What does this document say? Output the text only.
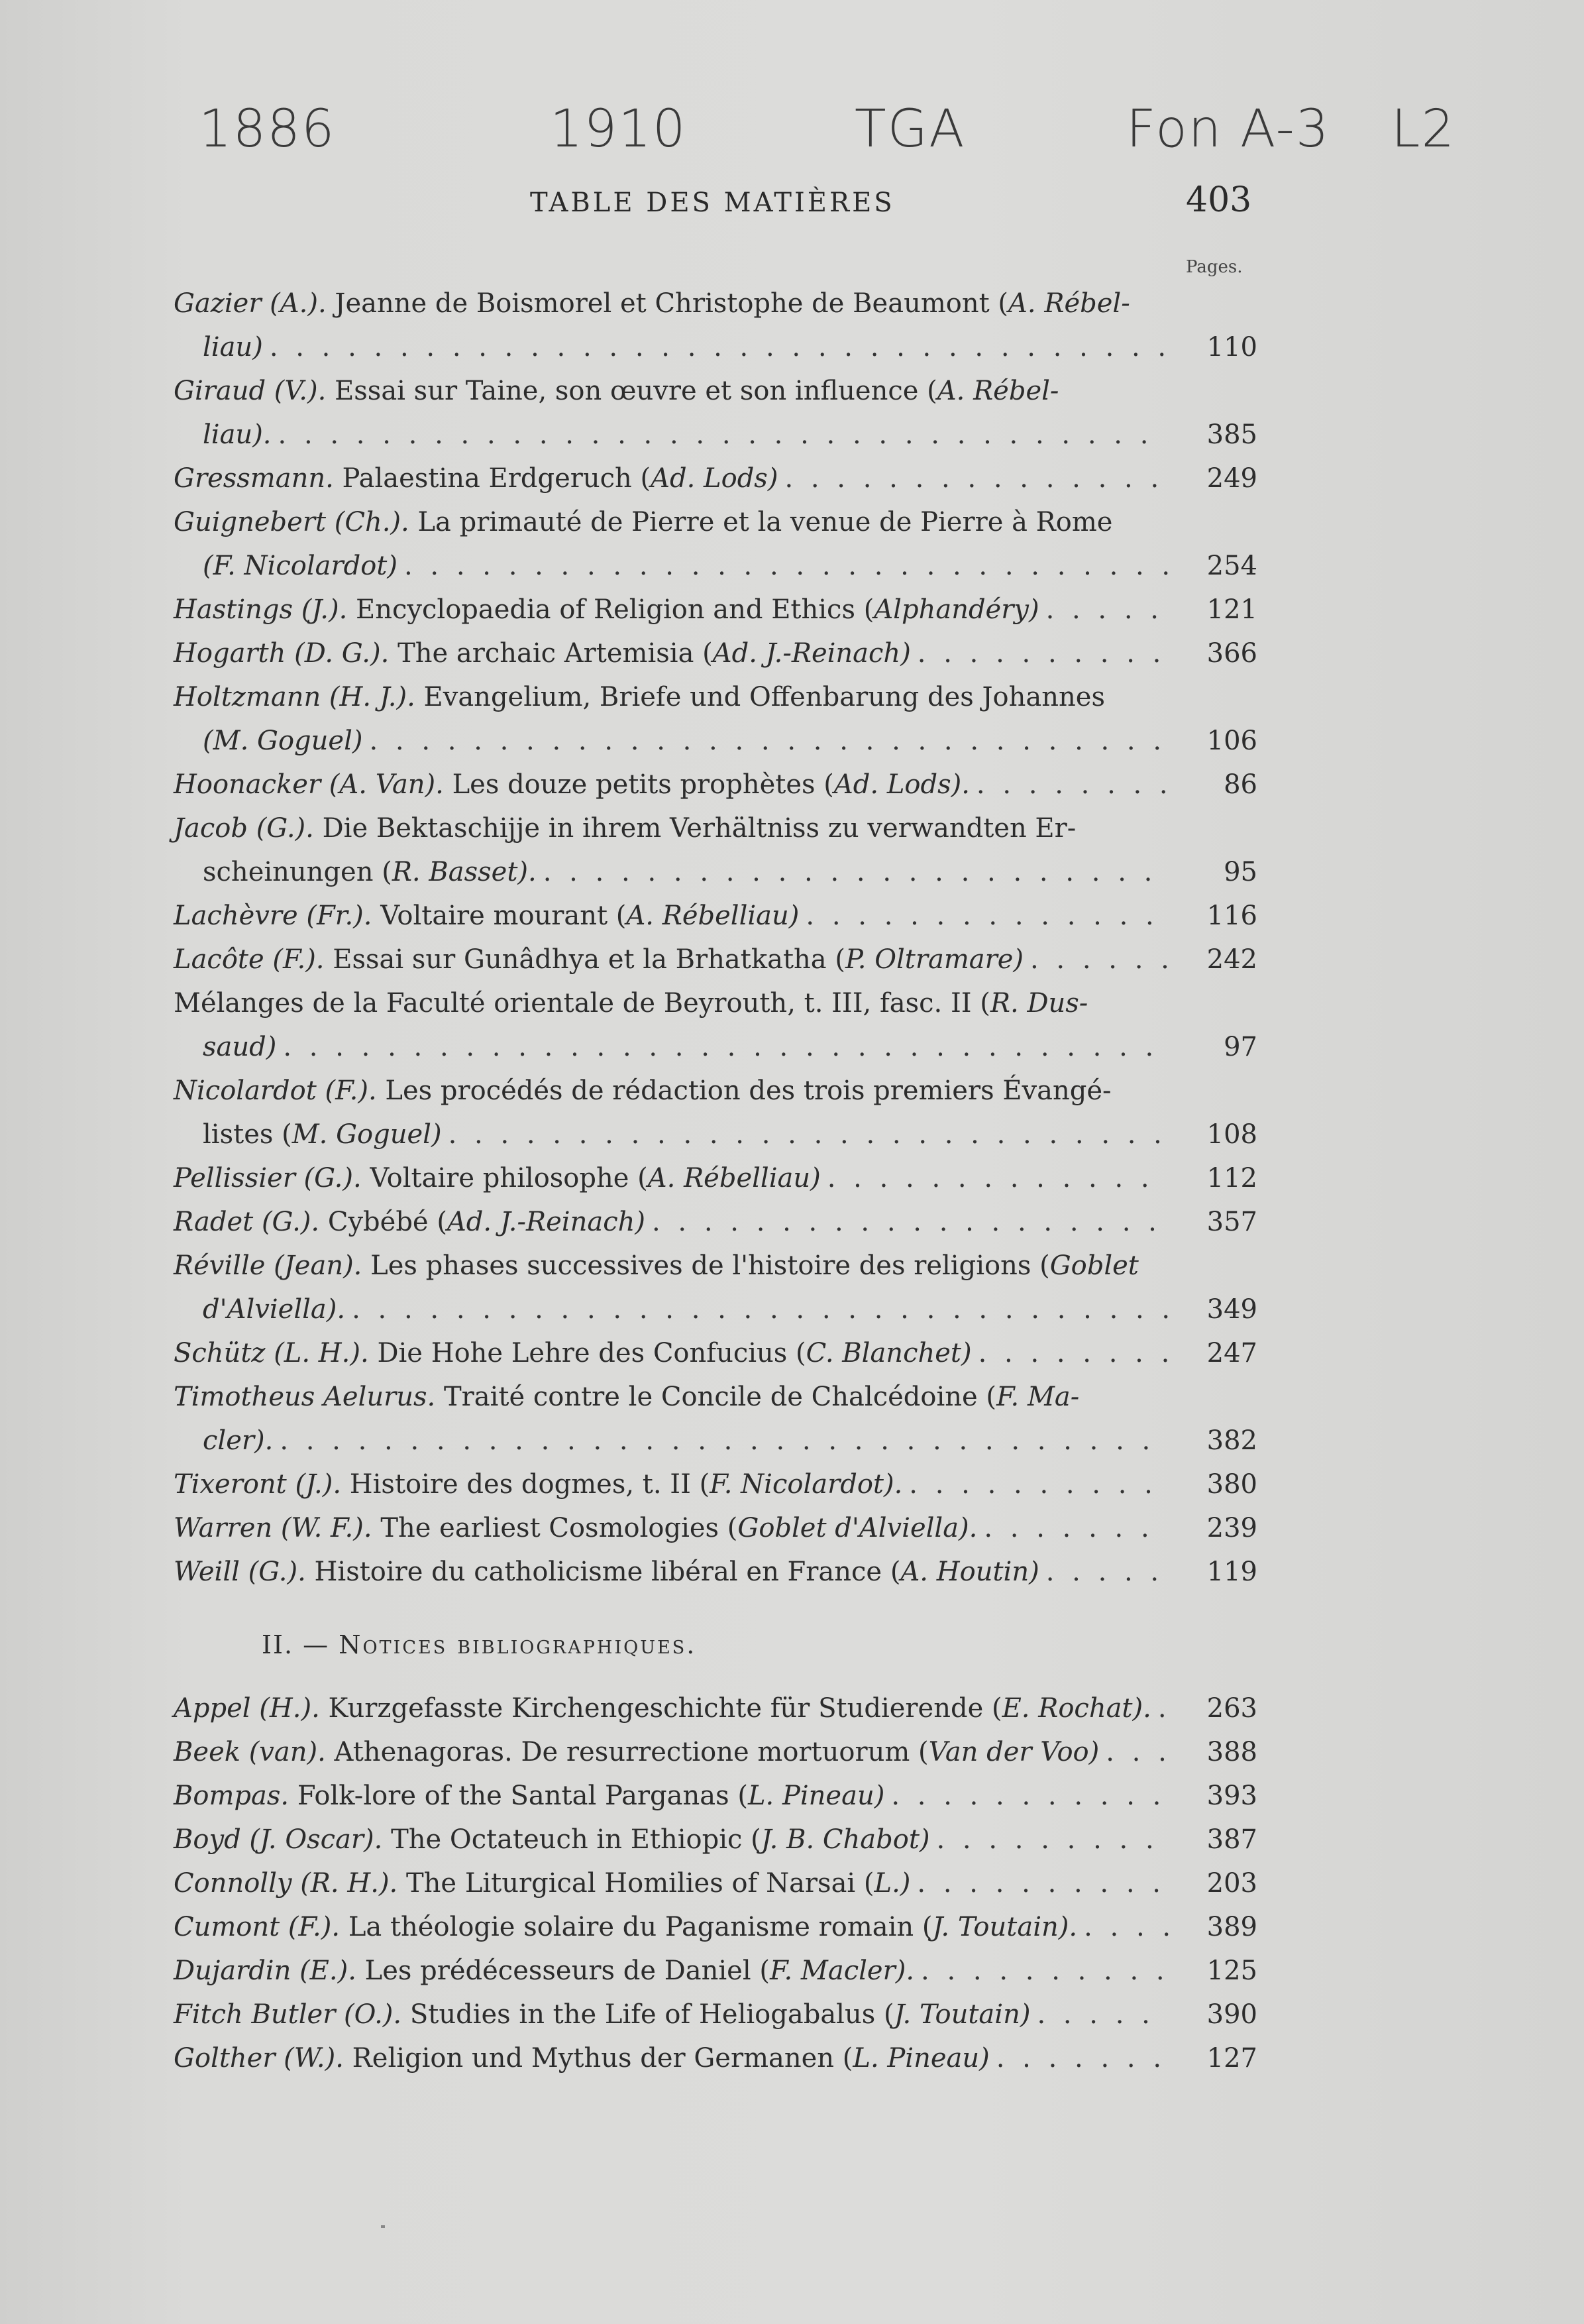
1886	1910	TGA	Fon A-3 L2
TABLE DES MATIÈRES	403
Pages.
Gazier (A.). Jeanne de Boismorel et Christophe de Beaumont (A. Rébel-
liau) . . .	110
Giraud (V.). Essai sur Taine, son œuvre et son influence (A. Rébel-
liau). . . .	385
Gressmann. Palaestina Erdgeruch (Ad. Lods) . . .	249
Guignebert (Ch.). La primauté de Pierre et la venue de Pierre à Rome
(F. Nicolardot) . . .	254
Hastings (J.). Encyclopaedia of Religion and Ethics (Alphandéry) . . .	121
Hogarth (D. G.). The archaic Artemisia (Ad. J.-Reinach) . . .	366
Holtzmann (H. J.). Evangelium, Briefe und Offenbarung des Johannes
(M. Goguel) . . .	106
Hoonacker (A. Van). Les douze petits prophètes (Ad. Lods). . . .	86
Jacob (G.). Die Bektaschijje in ihrem Verhältniss zu verwandten Er-
scheinungen (R. Basset). . . .	95
Lachèvre (Fr.). Voltaire mourant (A. Rébelliau) . . .	116
Lacôte (F.). Essai sur Gunâdhya et la Brhatkatha (P. Oltramare) . . .	242
Mélanges de la Faculté orientale de Beyrouth, t. III, fasc. II (R. Dus-
saud) . . .	97
Nicolardot (F.). Les procédés de rédaction des trois premiers Évangé-
listes (M. Goguel) . . .	108
Pellissier (G.). Voltaire philosophe (A. Rébelliau) . . .	112
Radet (G.). Cybébé (Ad. J.-Reinach) . . .	357
Réville (Jean). Les phases successives de l'histoire des religions (Goblet
d'Alviella). . . .	349
Schütz (L. H.). Die Hohe Lehre des Confucius (C. Blanchet) . . .	247
Timotheus Aelurus. Traité contre le Concile de Chalcédoine (F. Ma-
cler). . . .	382
Tixeront (J.). Histoire des dogmes, t. II (F. Nicolardot). . . .	380
Warren (W. F.). The earliest Cosmologies (Goblet d'Alviella). . . .	239
Weill (G.). Histoire du catholicisme libéral en France (A. Houtin) . . .	119
II. — Notices bibliographiques.
Appel (H.). Kurzgefasste Kirchengeschichte für Studierende (E. Rochat). . . .	263
Beek (van). Athenagoras. De resurrectione mortuorum (Van der Voo) . . .	388
Bompas. Folk-lore of the Santal Parganas (L. Pineau) . . .	393
Boyd (J. Oscar). The Octateuch in Ethiopic (J. B. Chabot) . . .	387
Connolly (R. H.). The Liturgical Homilies of Narsai (L.) . . .	203
Cumont (F.). La théologie solaire du Paganisme romain (J. Toutain). . . .	389
Dujardin (E.). Les prédécesseurs de Daniel (F. Macler). . . .	125
Fitch Butler (O.). Studies in the Life of Heliogabalus (J. Toutain) . . .	390
Golther (W.). Religion und Mythus der Germanen (L. Pineau) . . .	127
